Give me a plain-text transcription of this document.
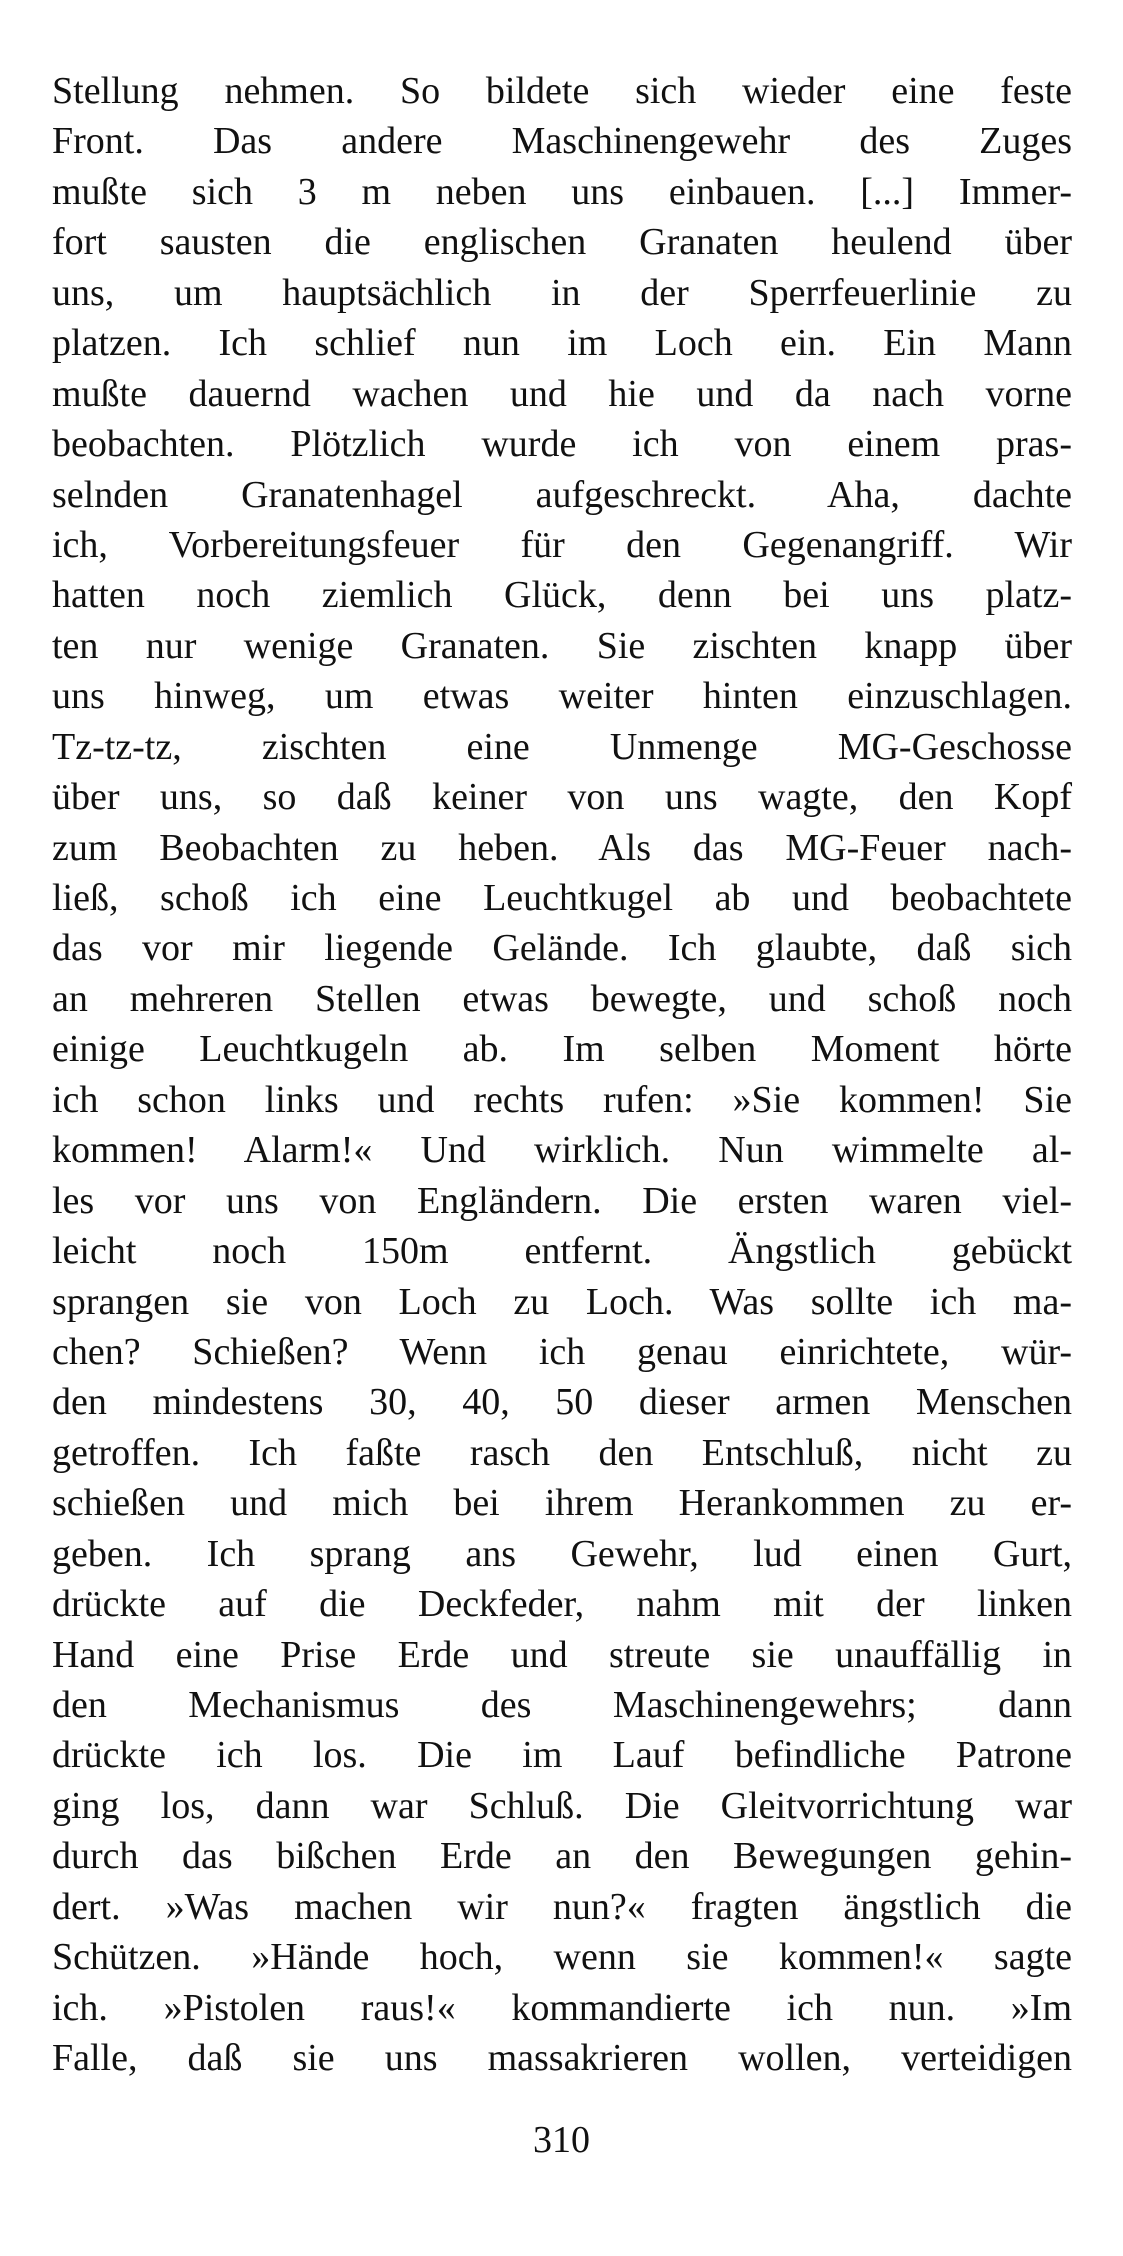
Stellung nehmen. So bildete sich wieder eine feste
Front. Das andere Maschinengewehr des Zuges
mußte sich 3 m neben uns einbauen. [...] Immer-
fort sausten die englischen Granaten heulend über
uns, um hauptsächlich in der Sperrfeuerlinie zu
platzen. Ich schlief nun im Loch ein. Ein Mann
mußte dauernd wachen und hie und da nach vorne
beobachten. Plötzlich wurde ich von einem pras-
selnden Granatenhagel aufgeschreckt. Aha, dachte
ich, Vorbereitungsfeuer für den Gegenangriff. Wir
hatten noch ziemlich Glück, denn bei uns platz-
ten nur wenige Granaten. Sie zischten knapp über
uns hinweg, um etwas weiter hinten einzuschlagen.
Tz-tz-tz, zischten eine Unmenge MG-Geschosse
über uns, so daß keiner von uns wagte, den Kopf
zum Beobachten zu heben. Als das MG-Feuer nach-
ließ, schoß ich eine Leuchtkugel ab und beobachtete
das vor mir liegende Gelände. Ich glaubte, daß sich
an mehreren Stellen etwas bewegte, und schoß noch
einige Leuchtkugeln ab. Im selben Moment hörte
ich schon links und rechts rufen: »Sie kommen! Sie
kommen! Alarm!« Und wirklich. Nun wimmelte al-
les vor uns von Engländern. Die ersten waren viel-
leicht noch 150m entfernt. Ängstlich gebückt
sprangen sie von Loch zu Loch. Was sollte ich ma-
chen? Schießen? Wenn ich genau einrichtete, wür-
den mindestens 30, 40, 50 dieser armen Menschen
getroffen. Ich faßte rasch den Entschluß, nicht zu
schießen und mich bei ihrem Herankommen zu er-
geben. Ich sprang ans Gewehr, lud einen Gurt,
drückte auf die Deckfeder, nahm mit der linken
Hand eine Prise Erde und streute sie unauffällig in
den Mechanismus des Maschinengewehrs; dann
drückte ich los. Die im Lauf befindliche Patrone
ging los, dann war Schluß. Die Gleitvorrichtung war
durch das bißchen Erde an den Bewegungen gehin-
dert. »Was machen wir nun?« fragten ängstlich die
Schützen. »Hände hoch, wenn sie kommen!« sagte
ich. »Pistolen raus!« kommandierte ich nun. »Im
Falle, daß sie uns massakrieren wollen, verteidigen
310
